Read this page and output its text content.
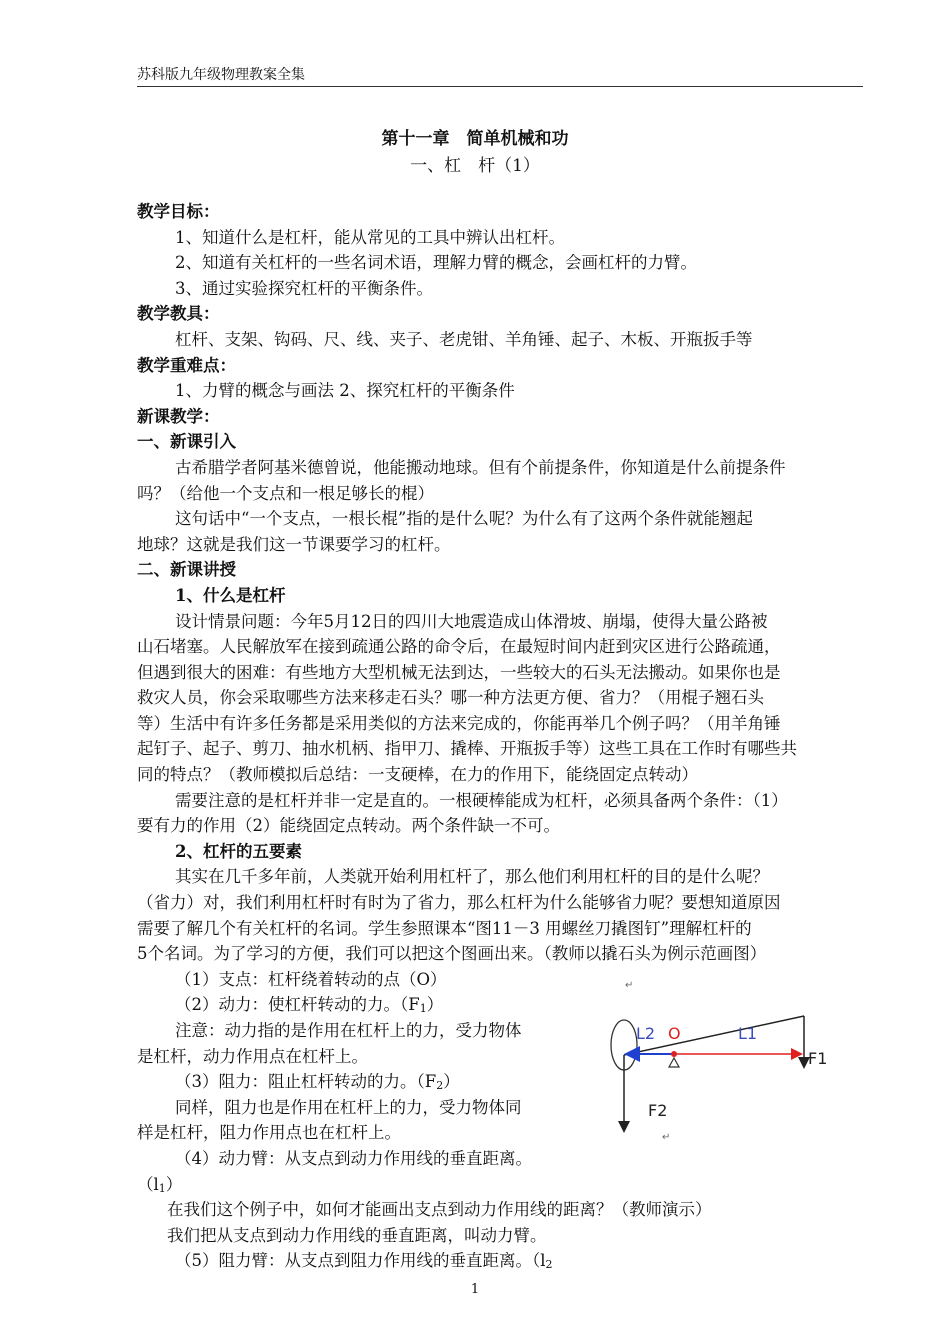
苏科版九年级物理教案全集
第十一章　简单机械和功
一、杠　杆（1）
教学目标：
1、知道什么是杠杆，能从常见的工具中辨认出杠杆。
2、知道有关杠杆的一些名词术语，理解力臂的概念，会画杠杆的力臂。
3、通过实验探究杠杆的平衡条件。
教学教具：
杠杆、支架、钩码、尺、线、夹子、老虎钳、羊角锤、起子、木板、开瓶扳手等
教学重难点：
1、力臂的概念与画法 2、探究杠杆的平衡条件
新课教学：
一、新课引入
古希腊学者阿基米德曾说，他能搬动地球。但有个前提条件，你知道是什么前提条件
吗？（给他一个支点和一根足够长的棍）
这句话中“一个支点，一根长棍”指的是什么呢？为什么有了这两个条件就能翘起
地球？这就是我们这一节课要学习的杠杆。
二、新课讲授
1、什么是杠杆
设计情景问题：今年5月12日的四川大地震造成山体滑坡、崩塌，使得大量公路被
山石堵塞。人民解放军在接到疏通公路的命令后，在最短时间内赶到灾区进行公路疏通，
但遇到很大的困难：有些地方大型机械无法到达，一些较大的石头无法搬动。如果你也是
救灾人员，你会采取哪些方法来移走石头？哪一种方法更方便、省力？（用棍子翘石头
等）生活中有许多任务都是采用类似的方法来完成的，你能再举几个例子吗？（用羊角锤
起钉子、起子、剪刀、抽水机柄、指甲刀、撬棒、开瓶扳手等）这些工具在工作时有哪些共
同的特点？（教师模拟后总结：一支硬棒，在力的作用下，能绕固定点转动）
需要注意的是杠杆并非一定是直的。一根硬棒能成为杠杆，必须具备两个条件：（1）
要有力的作用（2）能绕固定点转动。两个条件缺一不可。
2、杠杆的五要素
其实在几千多年前，人类就开始利用杠杆了，那么他们利用杠杆的目的是什么呢？
（省力）对，我们利用杠杆时有时为了省力，那么杠杆为什么能够省力呢？要想知道原因
需要了解几个有关杠杆的名词。学生参照课本“图11－3 用螺丝刀撬图钉”理解杠杆的
5个名词。为了学习的方便，我们可以把这个图画出来。（教师以撬石头为例示范画图）
（1）支点：杠杆绕着转动的点（O）
（2）动力：使杠杆转动的力。（F1）
注意：动力指的是作用在杠杆上的力，受力物体
是杠杆，动力作用点在杠杆上。
（3）阻力：阻止杠杆转动的力。（F2）
同样，阻力也是作用在杠杆上的力，受力物体同
样是杠杆，阻力作用点也在杠杆上。
（4）动力臂：从支点到动力作用线的垂直距离。
（l1）
在我们这个例子中，如何才能画出支点到动力作用线的距离？（教师演示）
我们把从支点到动力作用线的垂直距离，叫动力臂。
（5）阻力臂：从支点到阻力作用线的垂直距离。（l2
↵
↵
L2 O	L1
F1
F2
1
